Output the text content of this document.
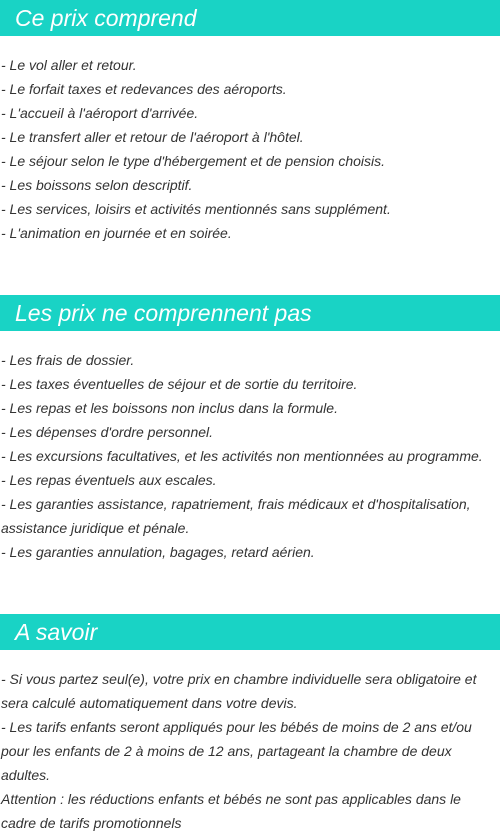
Ce prix comprend
- Le vol aller et retour.
- Le forfait taxes et redevances des aéroports.
- L'accueil à l'aéroport d'arrivée.
- Le transfert aller et retour de l'aéroport à l'hôtel.
- Le séjour selon le type d'hébergement et de pension choisis.
- Les boissons selon descriptif.
- Les services, loisirs et activités mentionnés sans supplément.
- L'animation en journée et en soirée.
Les prix ne comprennent pas
- Les frais de dossier.
- Les taxes éventuelles de séjour et de sortie du territoire.
- Les repas et les boissons non inclus dans la formule.
- Les dépenses d'ordre personnel.
- Les excursions facultatives, et les activités non mentionnées au programme.
- Les repas éventuels aux escales.
- Les garanties assistance, rapatriement, frais médicaux et d'hospitalisation, assistance juridique et pénale.
- Les garanties annulation, bagages, retard aérien.
A savoir
- Si vous partez seul(e), votre prix en chambre individuelle sera obligatoire et sera calculé automatiquement dans votre devis.
- Les tarifs enfants seront appliqués pour les bébés de moins de 2 ans et/ou pour les enfants de 2 à moins de 12 ans, partageant la chambre de deux adultes.
Attention : les réductions enfants et bébés ne sont pas applicables dans le cadre de tarifs promotionnels
